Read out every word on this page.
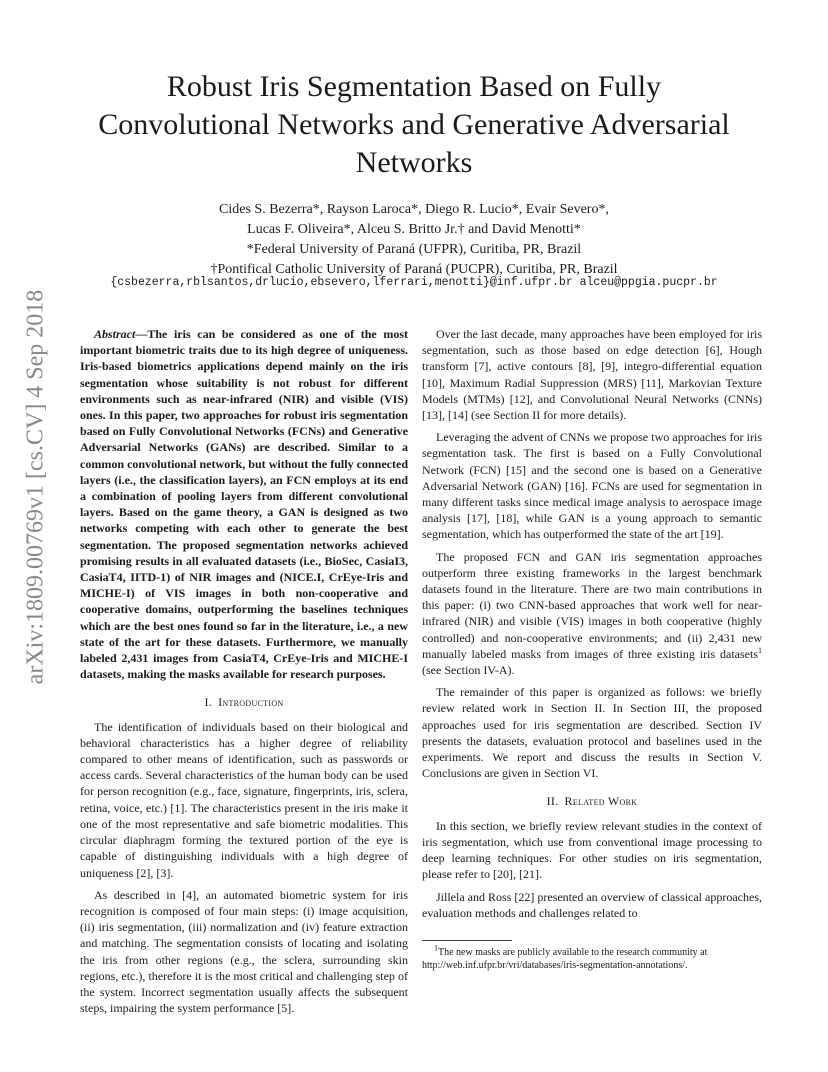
Robust Iris Segmentation Based on Fully Convolutional Networks and Generative Adversarial Networks
Cides S. Bezerra*, Rayson Laroca*, Diego R. Lucio*, Evair Severo*,
Lucas F. Oliveira*, Alceu S. Britto Jr.† and David Menotti*
*Federal University of Paraná (UFPR), Curitiba, PR, Brazil
†Pontifical Catholic University of Paraná (PUCPR), Curitiba, PR, Brazil
{csbezerra,rblsantos,drlucio,ebsevero,lferrari,menotti}@inf.ufpr.br alceu@ppgia.pucpr.br
arXiv:1809.00769v1 [cs.CV] 4 Sep 2018	Abstract—The iris can be considered as one of the most important biometric traits due to its high degree of uniqueness. Iris-based biometrics applications depend mainly on the iris segmentation whose suitability is not robust for different environments such as near-infrared (NIR) and visible (VIS) ones. In this paper, two approaches for robust iris segmentation based on Fully Convolutional Networks (FCNs) and Generative Adversarial Networks (GANs) are described. Similar to a common convolutional network, but without the fully connected layers (i.e., the classification layers), an FCN employs at its end a combination of pooling layers from different convolutional layers. Based on the game theory, a GAN is designed as two networks competing with each other to generate the best segmentation. The proposed segmentation networks achieved promising results in all evaluated datasets (i.e., BioSec, CasiaI3, CasiaT4, IITD-1) of NIR images and (NICE.I, CrEye-Iris and MICHE-I) of VIS images in both non-cooperative and cooperative domains, outperforming the baselines techniques which are the best ones found so far in the literature, i.e., a new state of the art for these datasets. Furthermore, we manually labeled 2,431 images from CasiaT4, CrEye-Iris and MICHE-I datasets, making the masks available for research purposes.

I. Introduction

The identification of individuals based on their biological and behavioral characteristics has a higher degree of reliability compared to other means of identification, such as passwords or access cards. Several characteristics of the human body can be used for person recognition (e.g., face, signature, fingerprints, iris, sclera, retina, voice, etc.) [1]. The characteristics present in the iris make it one of the most representative and safe biometric modalities. This circular diaphragm forming the textured portion of the eye is capable of distinguishing individuals with a high degree of uniqueness [2], [3].

As described in [4], an automated biometric system for iris recognition is composed of four main steps: (i) image acquisition, (ii) iris segmentation, (iii) normalization and (iv) feature extraction and matching. The segmentation consists of locating and isolating the iris from other regions (e.g., the sclera, surrounding skin regions, etc.), therefore it is the most critical and challenging step of the system. Incorrect segmentation usually affects the subsequent steps, impairing the system performance [5].

Over the last decade, many approaches have been employed for iris segmentation, such as those based on edge detection [6], Hough transform [7], active contours [8], [9], integro-differential equation [10], Maximum Radial Suppression (MRS) [11], Markovian Texture Models (MTMs) [12], and Convolutional Neural Networks (CNNs) [13], [14] (see Section II for more details).

Leveraging the advent of CNNs we propose two approaches for iris segmentation task. The first is based on a Fully Convolutional Network (FCN) [15] and the second one is based on a Generative Adversarial Network (GAN) [16]. FCNs are used for segmentation in many different tasks since medical image analysis to aerospace image analysis [17], [18], while GAN is a young approach to semantic segmentation, which has outperformed the state of the art [19].

The proposed FCN and GAN iris segmentation approaches outperform three existing frameworks in the largest benchmark datasets found in the literature. There are two main contributions in this paper: (i) two CNN-based approaches that work well for near-infrared (NIR) and visible (VIS) images in both cooperative (highly controlled) and non-cooperative environments; and (ii) 2,431 new manually labeled masks from images of three existing iris datasets$^1$ (see Section IV-A).

The remainder of this paper is organized as follows: we briefly review related work in Section II. In Section III, the proposed approaches used for iris segmentation are described. Section IV presents the datasets, evaluation protocol and baselines used in the experiments. We report and discuss the results in Section V. Conclusions are given in Section VI.

II. Related Work

In this section, we briefly review relevant studies in the context of iris segmentation, which use from conventional image processing to deep learning techniques. For other studies on iris segmentation, please refer to [20], [21].

Jillela and Ross [22] presented an overview of classical approaches, evaluation methods and challenges related to

$^1$The new masks are publicly available to the research community at http://web.inf.ufpr.br/vri/databases/iris-segmentation-annotations/.
